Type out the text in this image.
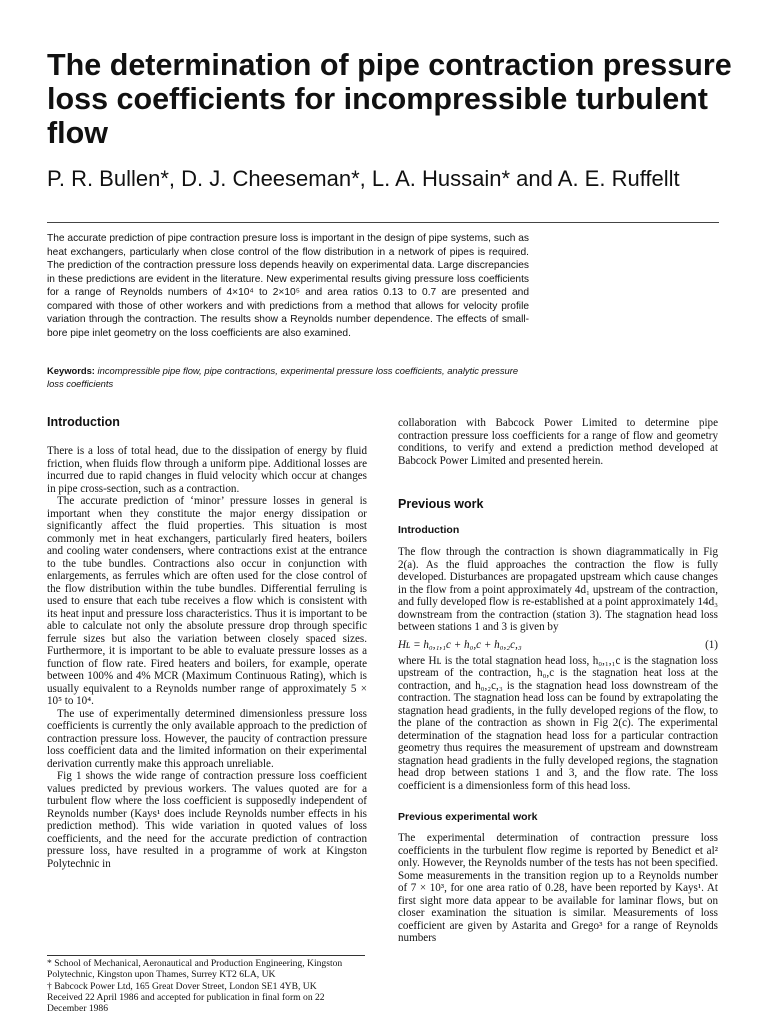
The determination of pipe contraction pressure loss coefficients for incompressible turbulent flow
P. R. Bullen*, D. J. Cheeseman*, L. A. Hussain* and A. E. Ruffellt

The accurate prediction of pipe contraction presure loss is important in the design of pipe systems, such as heat exchangers, particularly when close control of the flow distribution in a network of pipes is required. The prediction of the contraction pressure loss depends heavily on experimental data. Large discrepancies in these predictions are evident in the literature. New experimental results giving pressure loss coefficients for a range of Reynolds numbers of 4×10⁴ to 2×10⁵ and area ratios 0.13 to 0.7 are presented and compared with those of other workers and with predictions from a method that allows for velocity profile variation through the contraction. The results show a Reynolds number dependence. The effects of small-bore pipe inlet geometry on the loss coefficients are also examined.

Keywords: incompressible pipe flow, pipe contractions, experimental pressure loss coefficients, analytic pressure loss coefficients

Introduction

There is a loss of total head, due to the dissipation of energy by fluid friction, when fluids flow through a uniform pipe. Additional losses are incurred due to rapid changes in fluid velocity which occur at changes in pipe cross-section, such as a contraction.

The accurate prediction of ‘minor’ pressure losses in general is important when they constitute the major energy dissipation or significantly affect the fluid properties. This situation is most commonly met in heat exchangers, particularly fired heaters, boilers and cooling water condensers, where contractions exist at the entrance to the tube bundles. Contractions also occur in conjunction with enlargements, as ferrules which are often used for the close control of the flow distribution within the tube bundles. Differential ferruling is used to ensure that each tube receives a flow which is consistent with its heat input and pressure loss characteristics. Thus it is important to be able to calculate not only the absolute pressure drop through specific ferrule sizes but also the variation between closely spaced sizes. Furthermore, it is important to be able to evaluate pressure losses as a function of flow rate. Fired heaters and boilers, for example, operate between 100% and 4% MCR (Maximum Continuous Rating), which is usually equivalent to a Reynolds number range of approximately 5 × 10⁵ to 10⁴.

The use of experimentally determined dimensionless pressure loss coefficients is currently the only available approach to the prediction of contraction pressure loss. However, the paucity of contraction pressure loss coefficient data and the limited information on their experimental derivation currently make this approach unreliable.

Fig 1 shows the wide range of contraction pressure loss coefficient values predicted by previous workers. The values quoted are for a turbulent flow where the loss coefficient is supposedly independent of Reynolds number (Kays¹ does include Reynolds number effects in his prediction method). This wide variation in quoted values of loss coefficients, and the need for the accurate prediction of contraction pressure loss, have resulted in a programme of work at Kingston Polytechnic in

collaboration with Babcock Power Limited to determine pipe contraction pressure loss coefficients for a range of flow and geometry conditions, to verify and extend a prediction method developed at Babcock Power Limited and presented herein.

Previous work
Introduction

The flow through the contraction is shown diagrammatically in Fig 2(a). As the fluid approaches the contraction the flow is fully developed. Disturbances are propagated upstream which cause changes in the flow from a point approximately 4d₁ upstream of the contraction, and fully developed flow is re-established at a point approximately 14d₃ downstream from the contraction (station 3). The stagnation head loss between stations 1 and 3 is given by

Hʟ = h₀,₁,₁c + h₀,c + h₀,₂c,₃	(1)

where Hʟ is the total stagnation head loss, h₀,₁,₁c is the stagnation loss upstream of the contraction, h₀,c is the stagnation heat loss at the contraction, and h₀,₂c,₃ is the stagnation head loss downstream of the contraction. The stagnation head loss can be found by extrapolating the stagnation head gradients, in the fully developed regions of the flow, to the plane of the contraction as shown in Fig 2(c). The experimental determination of the stagnation head loss for a particular contraction geometry thus requires the measurement of upstream and downstream stagnation head gradients in the fully developed regions, the stagnation head drop between stations 1 and 3, and the flow rate. The loss coefficient is a dimensionless form of this head loss.

Previous experimental work

The experimental determination of contraction pressure loss coefficients in the turbulent flow regime is reported by Benedict et al² only. However, the Reynolds number of the tests has not been specified. Some measurements in the transition region up to a Reynolds number of 7 × 10³, for one area ratio of 0.28, have been reported by Kays¹. At first sight more data appear to be available for laminar flows, but on closer examination the situation is similar. Measurements of loss coefficient are given by Astarita and Grego³ for a range of Reynolds numbers

* School of Mechanical, Aeronautical and Production Engineering, Kingston Polytechnic, Kingston upon Thames, Surrey KT2 6LA, UK
† Babcock Power Ltd, 165 Great Dover Street, London SE1 4YB, UK
Received 22 April 1986 and accepted for publication in final form on 22 December 1986
